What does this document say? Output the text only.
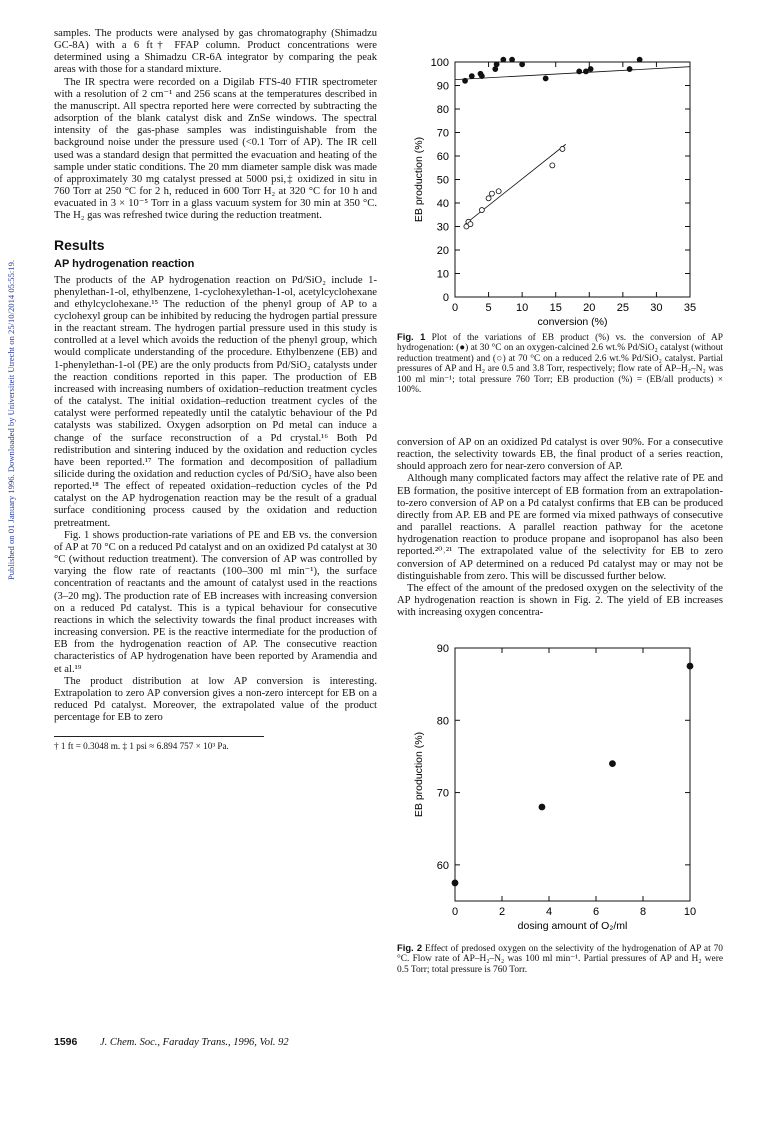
Published on 01 January 1996. Downloaded by Universiteit Utrecht on 25/10/2014 05:55:19.

samples. The products were analysed by gas chromatography (Shimadzu GC-8A) with a 6 ft† FFAP column. Product concentrations were determined using a Shimadzu CR-6A integrator by comparing the peak areas with those for a standard mixture.

The IR spectra were recorded on a Digilab FTS-40 FTIR spectrometer with a resolution of 2 cm⁻¹ and 256 scans at the temperatures described in the manuscript. All spectra reported here were corrected by subtracting the adsorption of the blank catalyst disk and ZnSe windows. The spectral intensity of the gas-phase samples was indistinguishable from the background noise under the pressure used (<0.1 Torr of AP). The IR cell used was a standard design that permitted the evacuation and heating of the sample under static conditions. The 20 mm diameter sample disk was made of approximately 30 mg catalyst pressed at 5000 psi,‡ oxidized in situ in 760 Torr at 250 °C for 2 h, reduced in 600 Torr H₂ at 320 °C for 10 h and evacuated in 3 × 10⁻⁵ Torr in a glass vacuum system for 30 min at 350 °C. The H₂ gas was refreshed twice during the reduction treatment.

Results
AP hydrogenation reaction

The products of the AP hydrogenation reaction on Pd/SiO₂ include 1-phenylethan-1-ol, ethylbenzene, 1-cyclohexylethan-1-ol, acetylcyclohexane and ethylcyclohexane.¹⁵ The reduction of the phenyl group of AP to a cyclohexyl group can be inhibited by reducing the hydrogen partial pressure in the reactant stream. The hydrogen partial pressure used in this study is controlled at a level which avoids the reduction of the phenyl group, which would complicate understanding of the procedure. Ethylbenzene (EB) and 1-phenylethan-1-ol (PE) are the only products from Pd/SiO₂ catalysts under the reaction conditions reported in this paper. The production of EB increased with increasing numbers of oxidation–reduction treatment cycles of the catalyst. The initial oxidation–reduction treatment cycles of the catalyst were performed repeatedly until the catalytic behaviour of the Pd catalysts was stabilized. Oxygen adsorption on Pd metal can induce a change of the surface reconstruction of a Pd crystal.¹⁶ Both Pd redistribution and sintering induced by the oxidation and reduction cycles have been reported.¹⁷ The formation and decomposition of palladium silicide during the oxidation and reduction cycles of Pd/SiO₂ have also been reported.¹⁸ The effect of repeated oxidation–reduction cycles of the Pd catalyst on the AP hydrogenation reaction may be the result of a gradual surface conditioning process caused by the oxidation and reduction pretreatment.

Fig. 1 shows production-rate variations of PE and EB vs. the conversion of AP at 70 °C on a reduced Pd catalyst and on an oxidized Pd catalyst at 30 °C (without reduction treatment). The conversion of AP was controlled by varying the flow rate of reactants (100–300 ml min⁻¹), the surface concentration of reactants and the amount of catalyst used in the reactions (3–20 mg). The production rate of EB increases with increasing conversion on a reduced Pd catalyst. This is a typical behaviour for consecutive reactions in which the selectivity towards the final product increases with increasing conversion. PE is the reactive intermediate for the production of EB from the hydrogenation reaction of AP. The consecutive reaction characteristics of AP hydrogenation have been reported by Aramendia and et al.¹⁹

The product distribution at low AP conversion is interesting. Extrapolation to zero AP conversion gives a non-zero intercept for EB on a reduced Pd catalyst. Moreover, the extrapolated value of the product percentage for EB to zero

† 1 ft = 0.3048 m. ‡ 1 psi ≈ 6.894 757 × 10³ Pa.

1596 J. Chem. Soc., Faraday Trans., 1996, Vol. 92
0 5 10 15 20 25 30 35
0
10
20
30
40
50
60
70
80
90
100
conversion (%)
EB production (%)
Fig. 1 Plot of the variations of EB product (%) vs. the conversion of AP hydrogenation: (●) at 30 °C on an oxygen-calcined 2.6 wt.% Pd/SiO₂ catalyst (without reduction treatment) and (○) at 70 °C on a reduced 2.6 wt.% Pd/SiO₂ catalyst. Partial pressures of AP and H₂ are 0.5 and 3.8 Torr, respectively; flow rate of AP–H₂–N₂ was 100 ml min⁻¹; total pressure 760 Torr; EB production (%) = (EB/all products) × 100%.

conversion of AP on an oxidized Pd catalyst is over 90%. For a consecutive reaction, the selectivity towards EB, the final product of a series reaction, should approach zero for near-zero conversion of AP.

Although many complicated factors may affect the relative rate of PE and EB formation, the positive intercept of EB formation from an extrapolation-to-zero conversion of AP on a Pd catalyst confirms that EB can be produced directly from AP. EB and PE are formed via mixed pathways of consecutive and parallel reactions. A parallel reaction pathway for the acetone hydrogenation reaction to produce propane and isopropanol has also been reported.²⁰˒²¹ The extrapolated value of the selectivity for EB to zero conversion of AP determined on a reduced Pd catalyst may or may not be distinguishable from zero. This will be discussed further below.

The effect of the amount of the predosed oxygen on the selectivity of the AP hydrogenation reaction is shown in Fig. 2. The yield of EB increases with increasing oxygen concentra-

0	2	4	6	8	10
60
70
80
90
dosing amount of O₂/ml
EB production (%)
Fig. 2 Effect of predosed oxygen on the selectivity of the hydrogenation of AP at 70 °C. Flow rate of AP–H₂–N₂ was 100 ml min⁻¹. Partial pressures of AP and H₂ were 0.5 Torr; total pressure is 760 Torr.
